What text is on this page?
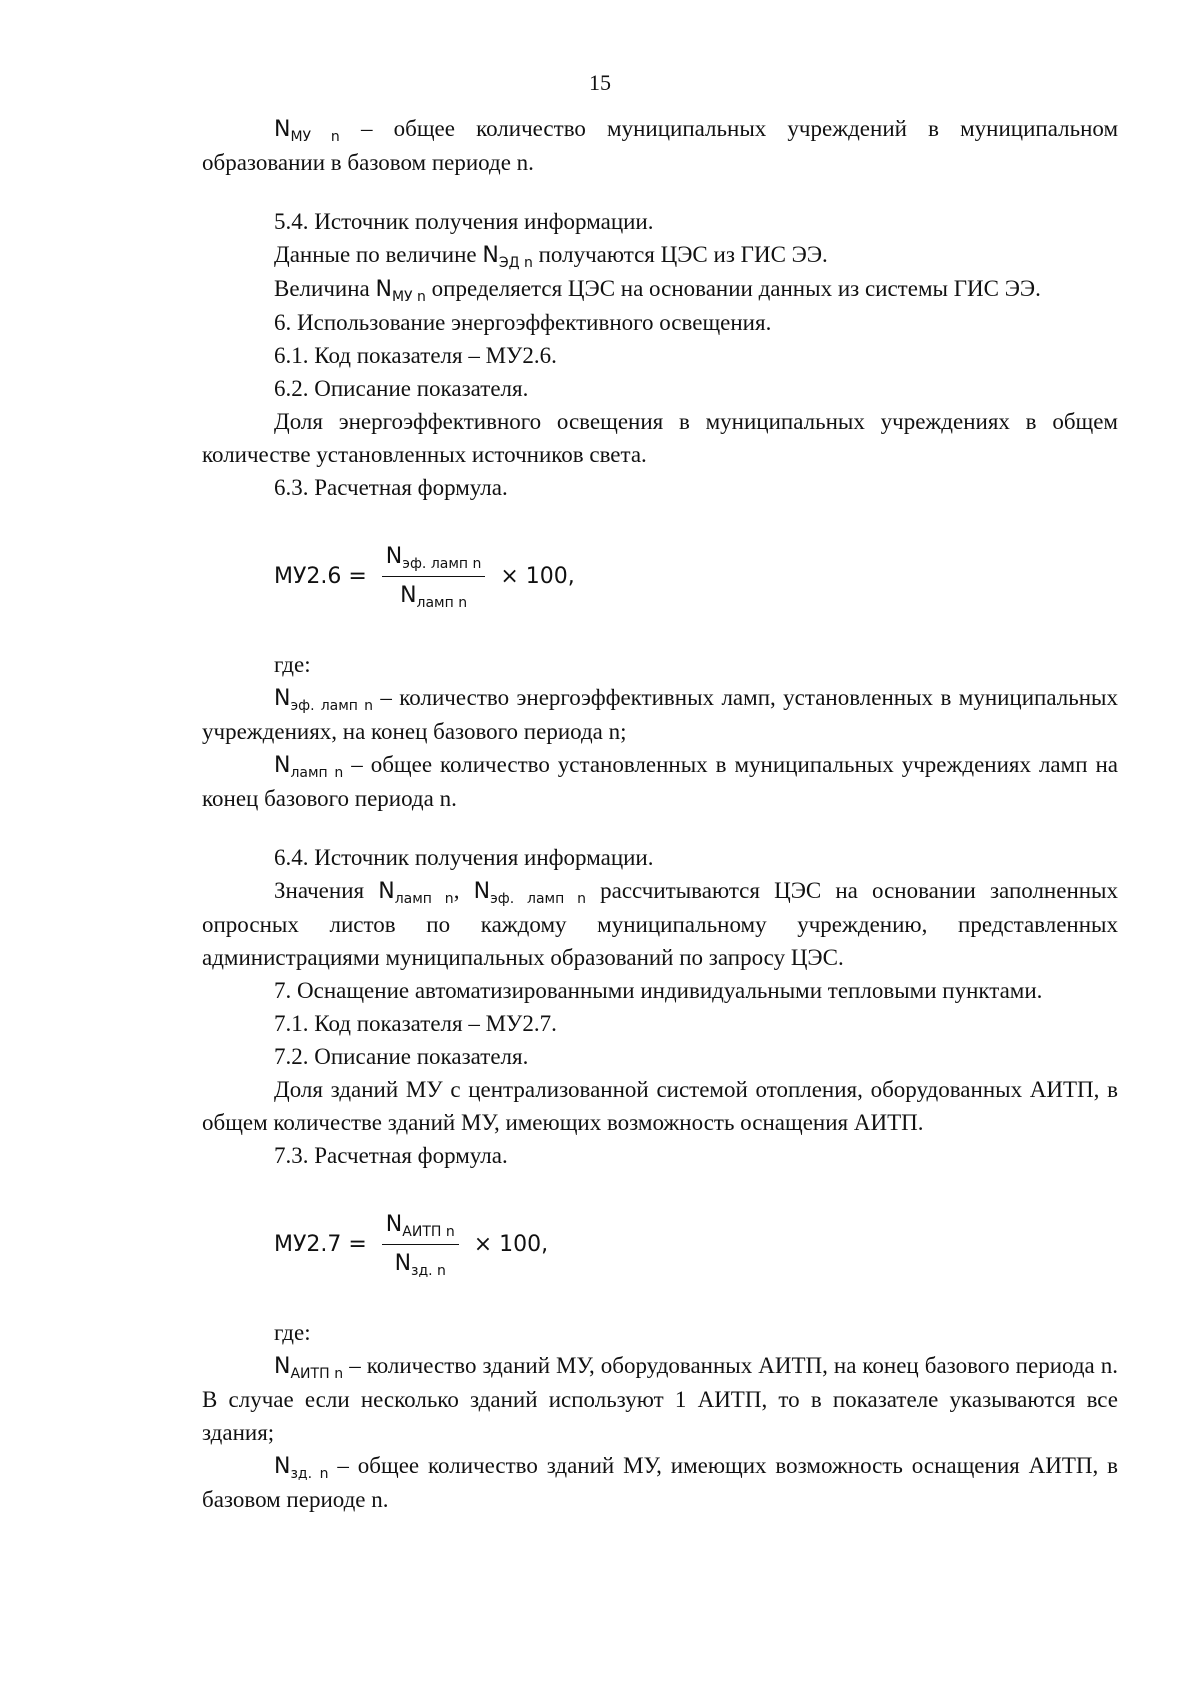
15

$N_{МУ n}$ – общее количество муниципальных учреждений в муниципальном образовании в базовом периоде n.

5.4. Источник получения информации.

Данные по величине $N_{ЭД n}$ получаются ЦЭС из ГИС ЭЭ.

Величина $N_{МУ n}$ определяется ЦЭС на основании данных из системы ГИС ЭЭ.

6. Использование энергоэффективного освещения.

6.1. Код показателя – МУ2.6.

6.2. Описание показателя.

Доля энергоэффективного освещения в муниципальных учреждениях в общем количестве установленных источников света.

6.3. Расчетная формула.

$МУ2.6 = \frac{N_{эф. ламп n}}{N_{ламп n}} \times 100$,

где:

$N_{эф. ламп n}$ – количество энергоэффективных ламп, установленных в муниципальных учреждениях, на конец базового периода n;

$N_{ламп n}$ – общее количество установленных в муниципальных учреждениях ламп на конец базового периода n.

6.4. Источник получения информации.

Значения $N_{ламп n}$, $N_{эф. ламп n}$ рассчитываются ЦЭС на основании заполненных опросных листов по каждому муниципальному учреждению, представленных администрациями муниципальных образований по запросу ЦЭС.

7. Оснащение автоматизированными индивидуальными тепловыми пунктами.

7.1. Код показателя – МУ2.7.

7.2. Описание показателя.

Доля зданий МУ с централизованной системой отопления, оборудованных АИТП, в общем количестве зданий МУ, имеющих возможность оснащения АИТП.

7.3. Расчетная формула.

$МУ2.7 = \frac{N_{АИТП n}}{N_{зд. n}} \times 100$,

где:

$N_{АИТП n}$ – количество зданий МУ, оборудованных АИТП, на конец базового периода n. В случае если несколько зданий используют 1 АИТП, то в показателе указываются все здания;

$N_{зд. n}$ – общее количество зданий МУ, имеющих возможность оснащения АИТП, в базовом периоде n.
